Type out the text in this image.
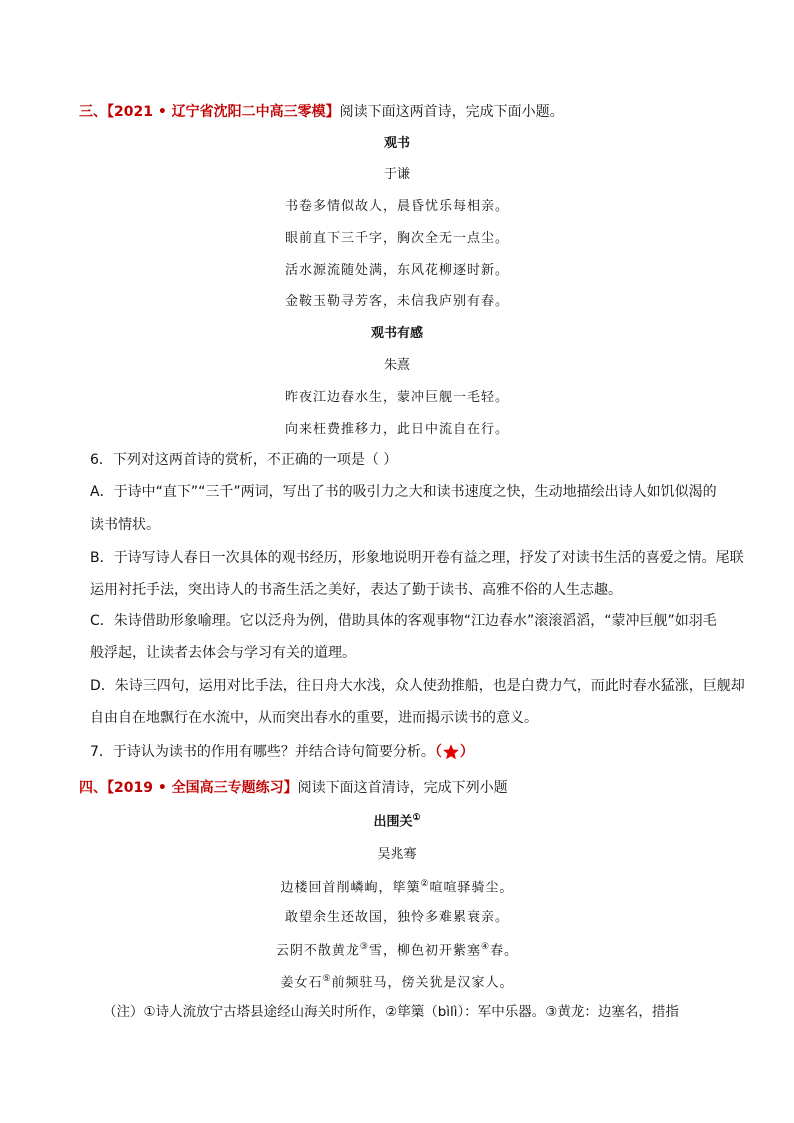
三、【2021 • 辽宁省沈阳二中高三零模】阅读下面这两首诗，完成下面小题。
观书
于谦
书卷多情似故人，晨昏忧乐每相亲。
眼前直下三千字，胸次全无一点尘。
活水源流随处满，东风花柳逐时新。
金鞍玉勒寻芳客，未信我庐别有春。
观书有感
朱熹
昨夜江边春水生，蒙冲巨舰一毛轻。
向来枉费推移力，此日中流自在行。
6．下列对这两首诗的赏析，不正确的一项是（ ）
A．于诗中“直下”“三千”两词，写出了书的吸引力之大和读书速度之快，生动地描绘出诗人如饥似渴的
读书情状。
B．于诗写诗人春日一次具体的观书经历，形象地说明开卷有益之理，抒发了对读书生活的喜爱之情。尾联
运用衬托手法，突出诗人的书斋生活之美好，表达了勤于读书、高雅不俗的人生志趣。
C．朱诗借助形象喻理。它以泛舟为例，借助具体的客观事物“江边春水”滚滚滔滔，“蒙冲巨舰”如羽毛
般浮起，让读者去体会与学习有关的道理。
D．朱诗三四句，运用对比手法，往日舟大水浅，众人使劲推船，也是白费力气，而此时春水猛涨，巨舰却
自由自在地飘行在水流中，从而突出春水的重要，进而揭示读书的意义。
7．于诗认为读书的作用有哪些？并结合诗句简要分析。（ ）
四、【2019 • 全国高三专题练习】阅读下面这首清诗，完成下列小题
出围关①
吴兆骞
边楼回首削嶙峋，筚篥②喧喧驿骑尘。
敢望余生还故国，独怜多难累衰亲。
云阴不散黄龙③雪，柳色初开紫塞④春。
姜女石⑤前频驻马，傍关犹是汉家人。
（注）①诗人流放宁古塔县途经山海关时所作，②筚篥（bìlì）：军中乐器。③黄龙：边塞名，措指
